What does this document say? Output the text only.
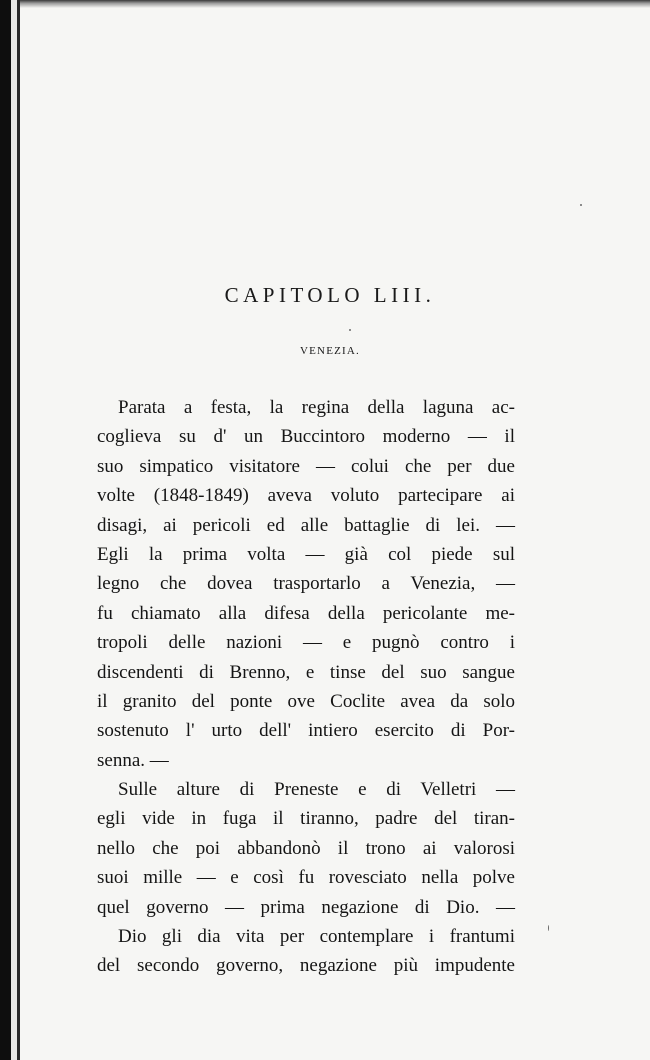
CAPITOLO LIII.
VENEZIA.
Parata a festa, la regina della laguna ac-
coglieva su d' un Buccintoro moderno — il
suo simpatico visitatore — colui che per due
volte (1848-1849) aveva voluto partecipare ai
disagi, ai pericoli ed alle battaglie di lei. —
Egli la prima volta — già col piede sul
legno che dovea trasportarlo a Venezia, —
fu chiamato alla difesa della pericolante me-
tropoli delle nazioni — e pugnò contro i
discendenti di Brenno, e tinse del suo sangue
il granito del ponte ove Coclite avea da solo
sostenuto l' urto dell' intiero esercito di Por-
senna. —
Sulle alture di Preneste e di Velletri —
egli vide in fuga il tiranno, padre del tiran-
nello che poi abbandonò il trono ai valorosi
suoi mille — e così fu rovesciato nella polve
quel governo — prima negazione di Dio. —
Dio gli dia vita per contemplare i frantumi
del secondo governo, negazione più impudente
